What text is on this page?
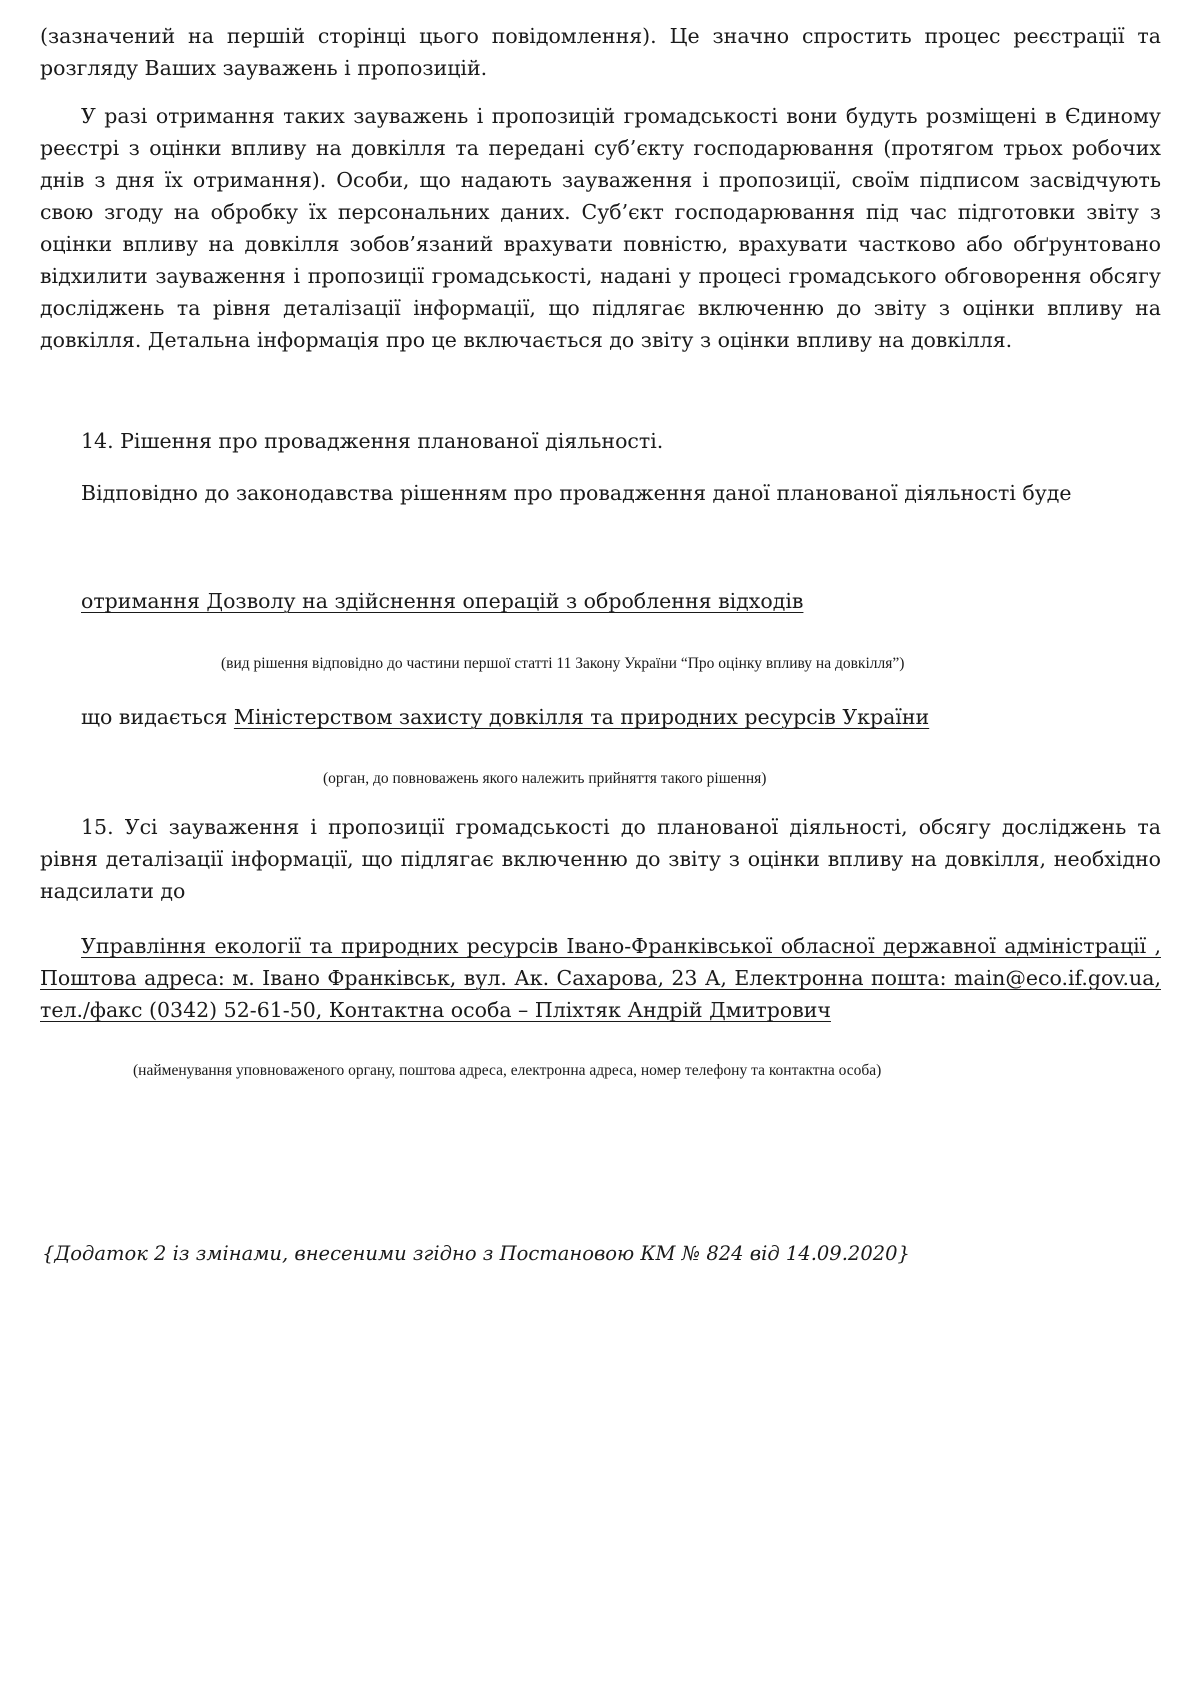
(зазначений на першій сторінці цього повідомлення). Це значно спростить процес реєстрації та розгляду Ваших зауважень і пропозицій.

У разі отримання таких зауважень і пропозицій громадськості вони будуть розміщені в Єдиному реєстрі з оцінки впливу на довкілля та передані суб’єкту господарювання (протягом трьох робочих днів з дня їх отримання). Особи, що надають зауваження і пропозиції, своїм підписом засвідчують свою згоду на обробку їх персональних даних. Суб’єкт господарювання під час підготовки звіту з оцінки впливу на довкілля зобов’язаний врахувати повністю, врахувати частково або обґрунтовано відхилити зауваження і пропозиції громадськості, надані у процесі громадського обговорення обсягу досліджень та рівня деталізації інформації, що підлягає включенню до звіту з оцінки впливу на довкілля. Детальна інформація про це включається до звіту з оцінки впливу на довкілля.

14. Рішення про провадження планованої діяльності.

Відповідно до законодавства рішенням про провадження даної планованої діяльності буде

отримання Дозволу на здійснення операцій з оброблення відходів

(вид рішення відповідно до частини першої статті 11 Закону України “Про оцінку впливу на довкілля”)

що видається Міністерством захисту довкілля та природних ресурсів України

(орган, до повноважень якого належить прийняття такого рішення)

15. Усі зауваження і пропозиції громадськості до планованої діяльності, обсягу досліджень та рівня деталізації інформації, що підлягає включенню до звіту з оцінки впливу на довкілля, необхідно надсилати до

Управління екології та природних ресурсів Івано-Франківської обласної державної адміністрації , Поштова адреса: м. Івано Франківськ, вул. Ак. Сахарова, 23 А, Електронна пошта: main@eco.if.gov.ua, тел./факс (0342) 52-61-50, Контактна особа – Пліхтяк Андрій Дмитрович

(найменування уповноваженого органу, поштова адреса, електронна адреса, номер телефону та контактна особа)

{Додаток 2 із змінами, внесеними згідно з Постановою КМ № 824 від 14.09.2020}
